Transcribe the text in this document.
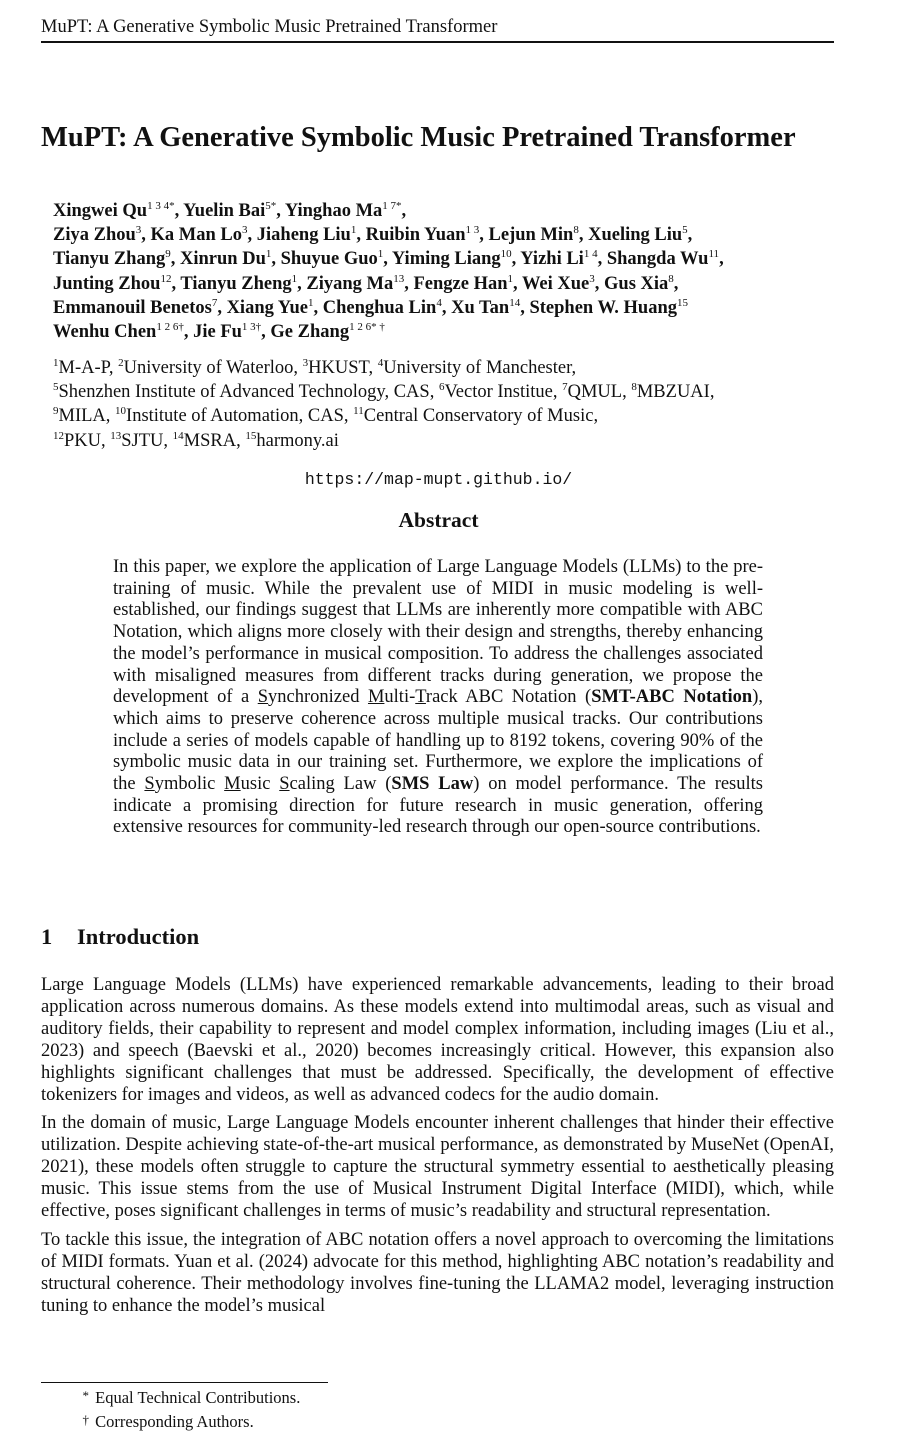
MuPT: A Generative Symbolic Music Pretrained Transformer
MuPT: A Generative Symbolic Music Pretrained Transformer
Xingwei $Qu^{1 3 4*}$, Yuelin Bai$^{5*}$, Yinghao $Ma^{1 7*}$,
Ziya Zhou$^3$, Ka Man Lo$^3$, Jiaheng Liu$^1$, Ruibin Yuan$^{1 3}$, Lejun Min$^8$, Xueling Liu$^5$,
Tianyu Zhang$^9$, Xinrun Du$^1$, Shuyue Guo$^1$, Yiming Liang$^{10}$, Yizhi $Li^{1 4}$, Shangda Wu$^{11}$,
Junting Zhou$^{12}$, Tianyu Zheng$^1$, Ziyang Ma$^{13}$, Fengze Han$^1$, Wei Xue$^3$, Gus Xia$^8$,
Emmanouil Benetos$^7$, Xiang Yue$^1$, Chenghua Lin$^4$, Xu Tan$^{14}$, Stephen W. Huang$^{15}$
Wenhu Chen$^{1 2 6\dagger}$, Jie $Fu^{1 3\dagger}$, Ge Zhang$^{1 2 6* \dagger}$
$^1$M-A-P, $^2$University of Waterloo, $^3$HKUST, $^4$University of Manchester,
$^5$Shenzhen Institute of Advanced Technology, CAS, $^6$Vector Institue, $^7$QMUL, $^8$MBZUAI,
$^9$MILA, $^{10}$Institute of Automation, CAS, $^{11}$Central Conservatory of Music,
$^{12}$PKU, $^{13}$SJTU, $^{14}$MSRA, $^{15}$harmony.ai
https://map-mupt.github.io/
Abstract
In this paper, we explore the application of Large Language Models (LLMs) to the pre-training of music. While the prevalent use of MIDI in music modeling is well-established, our findings suggest that LLMs are inherently more compatible with ABC Notation, which aligns more closely with their design and strengths, thereby enhancing the model’s performance in musical composition. To address the challenges associated with misaligned measures from different tracks during generation, we propose the development of a Synchronized Multi-Track ABC Notation (SMT-ABC Notation), which aims to preserve coherence across multiple musical tracks. Our contributions include a series of models capable of handling up to 8192 tokens, covering 90% of the symbolic music data in our training set. Furthermore, we explore the implications of the Symbolic Music Scaling Law (SMS Law) on model performance. The results indicate a promising direction for future research in music generation, offering extensive resources for community-led research through our open-source contributions.
1 Introduction

Large Language Models (LLMs) have experienced remarkable advancements, leading to their broad application across numerous domains. As these models extend into multimodal areas, such as visual and auditory fields, their capability to represent and model complex information, including images (Liu et al., 2023) and speech (Baevski et al., 2020) becomes increasingly critical. However, this expansion also highlights significant challenges that must be addressed. Specifically, the development of effective tokenizers for images and videos, as well as advanced codecs for the audio domain.

In the domain of music, Large Language Models encounter inherent challenges that hinder their effective utilization. Despite achieving state-of-the-art musical performance, as demonstrated by MuseNet (OpenAI, 2021), these models often struggle to capture the structural symmetry essential to aesthetically pleasing music. This issue stems from the use of Musical Instrument Digital Interface (MIDI), which, while effective, poses significant challenges in terms of music’s readability and structural representation.

To tackle this issue, the integration of ABC notation offers a novel approach to overcoming the limitations of MIDI formats. Yuan et al. (2024) advocate for this method, highlighting ABC notation’s readability and structural coherence. Their methodology involves fine-tuning the LLAMA2 model, leveraging instruction tuning to enhance the model’s musical

* Equal Technical Contributions.
† Corresponding Authors.
